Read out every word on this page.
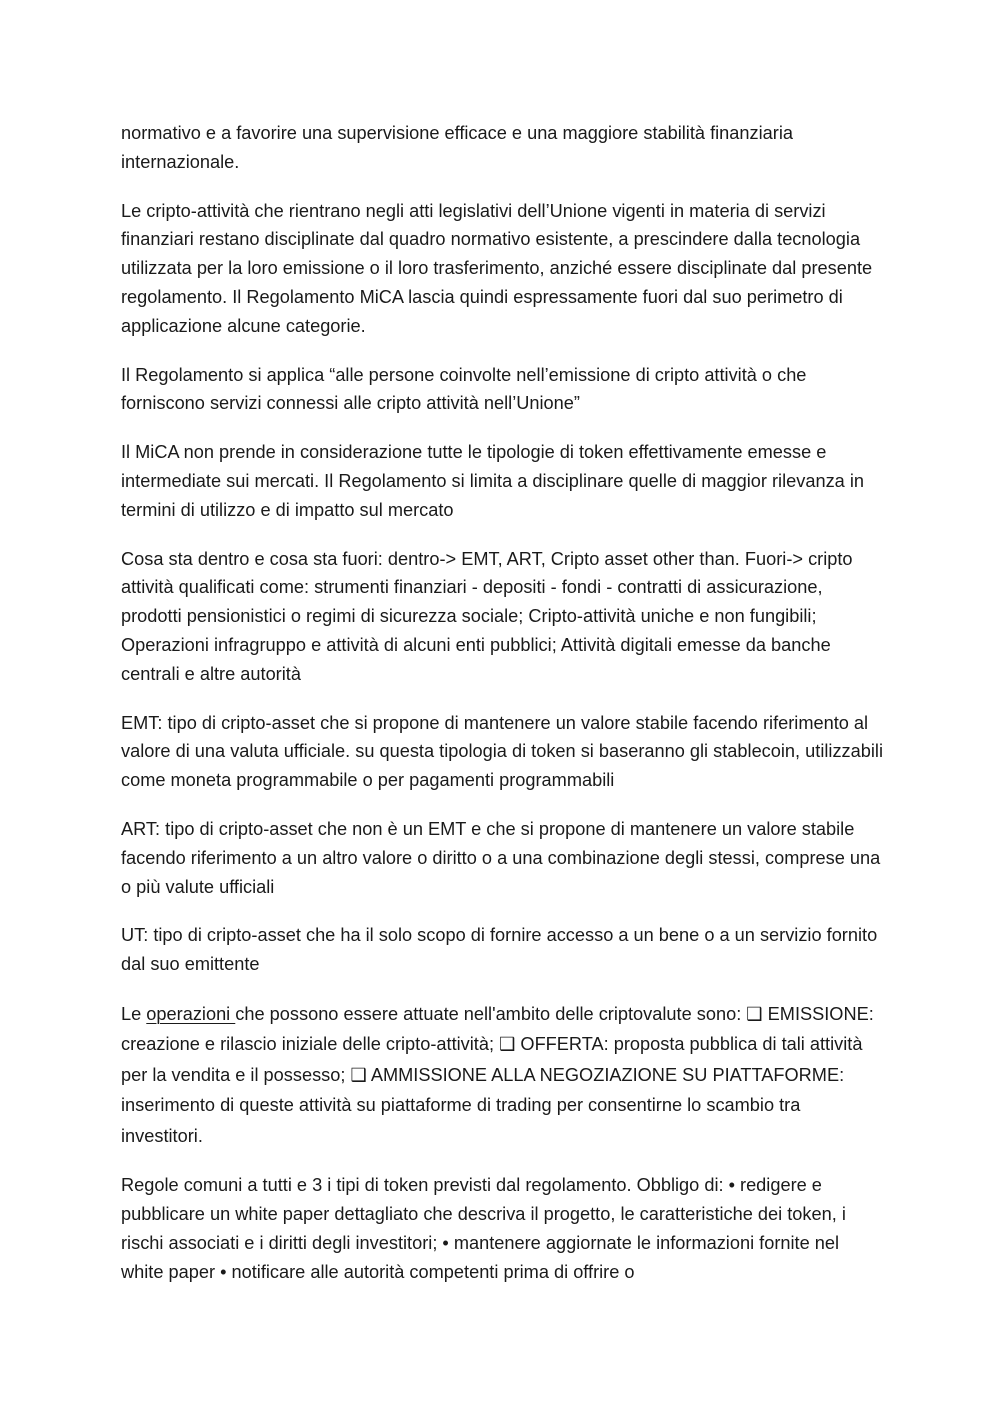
normativo e a favorire una supervisione efficace e una maggiore stabilità finanziaria internazionale.

Le cripto-attività che rientrano negli atti legislativi dell’Unione vigenti in materia di servizi finanziari restano disciplinate dal quadro normativo esistente, a prescindere dalla tecnologia utilizzata per la loro emissione o il loro trasferimento, anziché essere disciplinate dal presente regolamento. Il Regolamento MiCA lascia quindi espressamente fuori dal suo perimetro di applicazione alcune categorie.

Il Regolamento si applica “alle persone coinvolte nell’emissione di cripto attività o che forniscono servizi connessi alle cripto attività nell’Unione”

Il MiCA non prende in considerazione tutte le tipologie di token effettivamente emesse e intermediate sui mercati. Il Regolamento si limita a disciplinare quelle di maggior rilevanza in termini di utilizzo e di impatto sul mercato

Cosa sta dentro e cosa sta fuori: dentro-> EMT, ART, Cripto asset other than. Fuori-> cripto attività qualificati come: strumenti finanziari - depositi - fondi - contratti di assicurazione, prodotti pensionistici o regimi di sicurezza sociale; Cripto-attività uniche e non fungibili; Operazioni infragruppo e attività di alcuni enti pubblici; Attività digitali emesse da banche centrali e altre autorità

EMT: tipo di cripto-asset che si propone di mantenere un valore stabile facendo riferimento al valore di una valuta ufficiale. su questa tipologia di token si baseranno gli stablecoin, utilizzabili come moneta programmabile o per pagamenti programmabili

ART: tipo di cripto-asset che non è un EMT e che si propone di mantenere un valore stabile facendo riferimento a un altro valore o diritto o a una combinazione degli stessi, comprese una o più valute ufficiali

UT: tipo di cripto-asset che ha il solo scopo di fornire accesso a un bene o a un servizio fornito dal suo emittente

Le operazioni che possono essere attuate nell'ambito delle criptovalute sono: ❑ EMISSIONE: creazione e rilascio iniziale delle cripto-attività; ❑ OFFERTA: proposta pubblica di tali attività per la vendita e il possesso; ❑ AMMISSIONE ALLA NEGOZIAZIONE SU PIATTAFORME: inserimento di queste attività su piattaforme di trading per consentirne lo scambio tra investitori.

Regole comuni a tutti e 3 i tipi di token previsti dal regolamento. Obbligo di: • redigere e pubblicare un white paper dettagliato che descriva il progetto, le caratteristiche dei token, i rischi associati e i diritti degli investitori; • mantenere aggiornate le informazioni fornite nel white paper • notificare alle autorità competenti prima di offrire o
